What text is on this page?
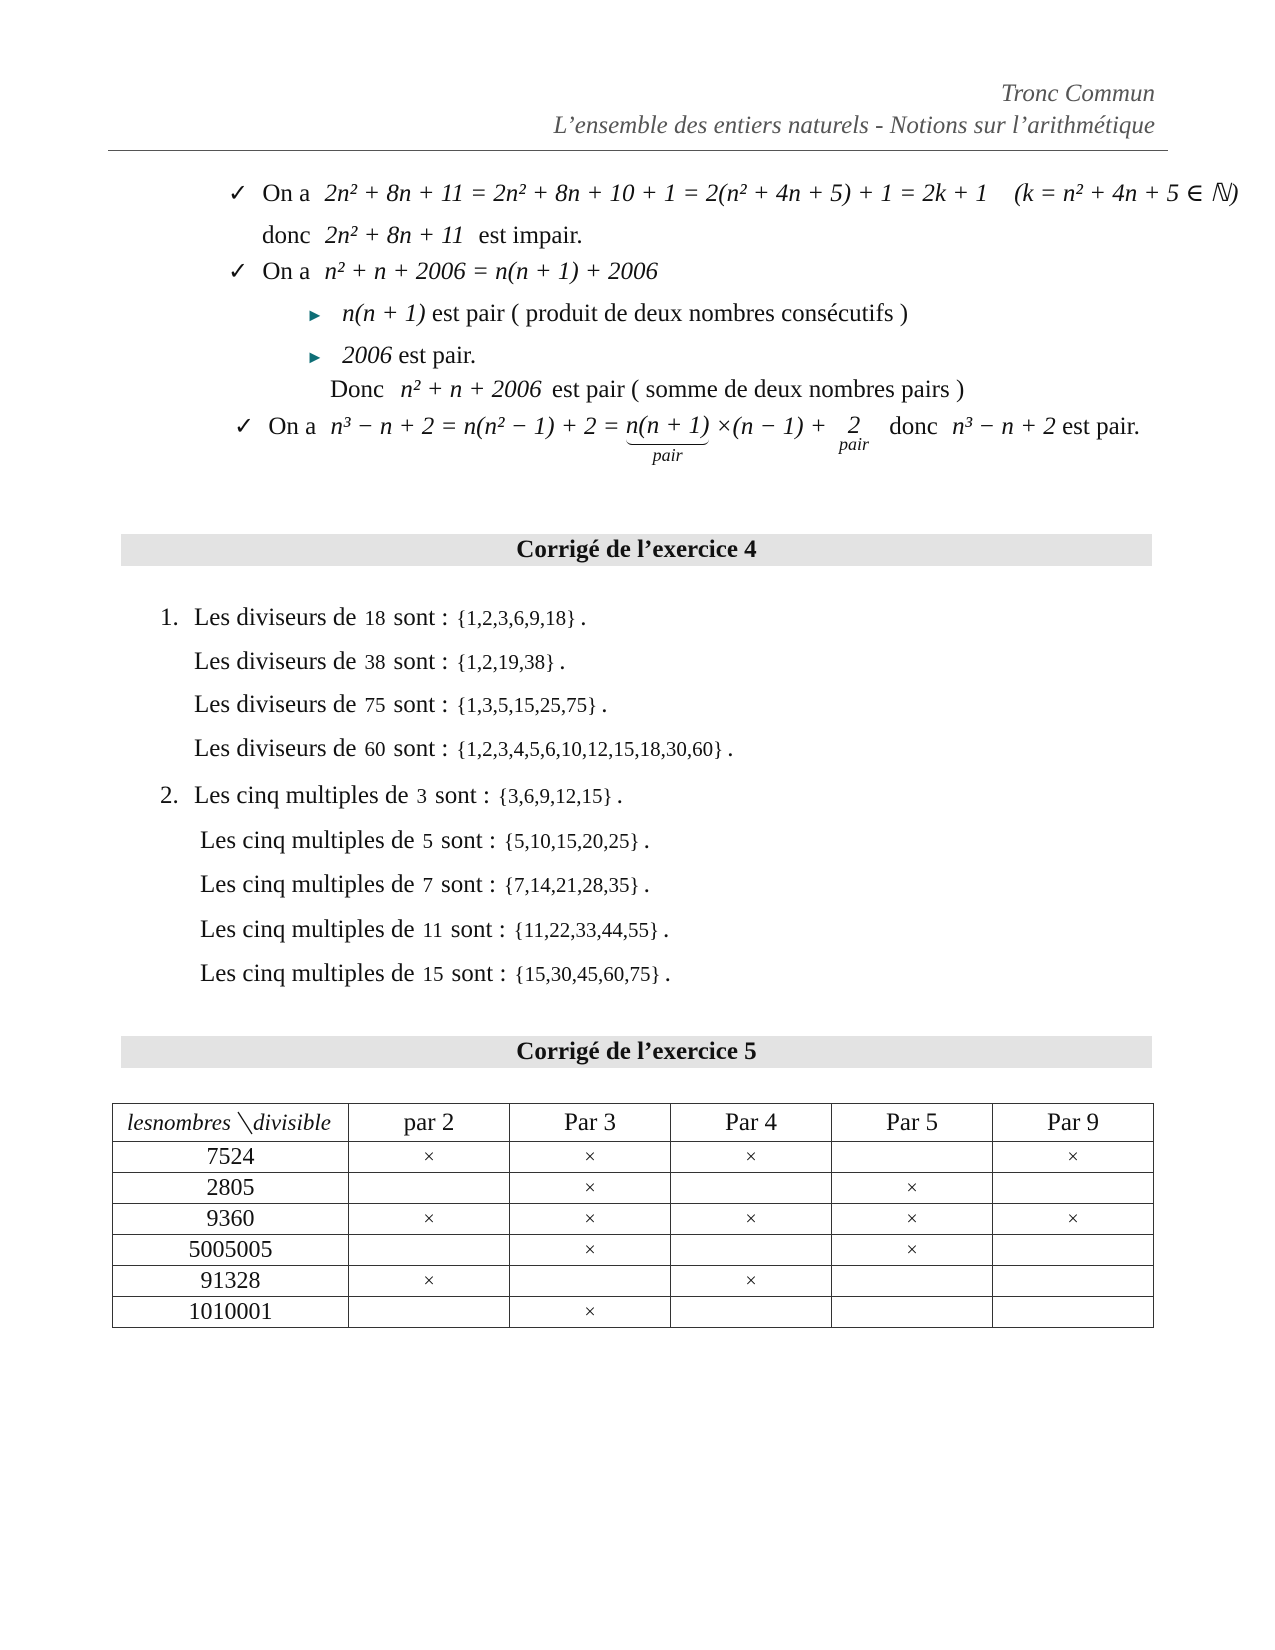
Tronc Commun
L’ensemble des entiers naturels - Notions sur l’arithmétique
✓ On a 2n² + 8n + 11 = 2n² + 8n + 10 + 1 = 2(n² + 4n + 5) + 1 = 2k + 1 (k = n² + 4n + 5 ∈ ℕ)
donc 2n² + 8n + 11 est impair.
✓ On a n² + n + 2006 = n(n + 1) + 2006
► n(n + 1) est pair ( produit de deux nombres consécutifs )
► 2006 est pair.
Donc n² + n + 2006 est pair ( somme de deux nombres pairs )
✓ On a n³ − n + 2 = n(n² − 1) + 2 = n(n + 1)
pair
×(n − 1) + 2
pair
donc n³ − n + 2 est pair.
Corrigé de l’exercice 4
1. Les diviseurs de 18 sont : {1,2,3,6,9,18} .
Les diviseurs de 38 sont : {1,2,19,38} .
Les diviseurs de 75 sont : {1,3,5,15,25,75} .
Les diviseurs de 60 sont : {1,2,3,4,5,6,10,12,15,18,30,60} .
2. Les cinq multiples de 3 sont : {3,6,9,12,15} .
Les cinq multiples de 5 sont : {5,10,15,20,25} .
Les cinq multiples de 7 sont : {7,14,21,28,35} .
Les cinq multiples de 11 sont : {11,22,33,44,55} .
Les cinq multiples de 15 sont : {15,30,45,60,75} .
Corrigé de l’exercice 5
lesnombres divisible	par 2	Par 3	Par 4	Par 5	Par 9
7524	×	×	×		×
2805		×		×	
9360	×	×	×	×	×
5005005		×		×	
91328	×		×		
1010001		×			
